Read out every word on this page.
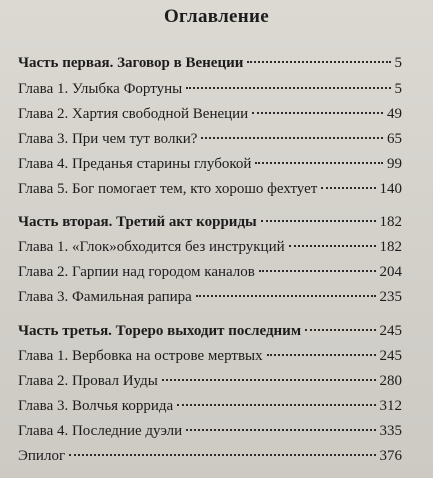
Оглавление
Часть первая. Заговор в Венеции	5
Глава 1. Улыбка Фортуны	5
Глава 2. Хартия свободной Венеции	49
Глава 3. При чем тут волки?	65
Глава 4. Преданья старины глубокой	99
Глава 5. Бог помогает тем, кто хорошо фехтует	140
Часть вторая. Третий акт корриды	182
Глава 1. «Глок»обходится без инструкций	182
Глава 2. Гарпии над городом каналов	204
Глава 3. Фамильная рапира	235
Часть третья. Тореро выходит последним	245
Глава 1. Вербовка на острове мертвых	245
Глава 2. Провал Иуды	280
Глава 3. Волчья коррида	312
Глава 4. Последние дуэли	335
Эпилог	376
